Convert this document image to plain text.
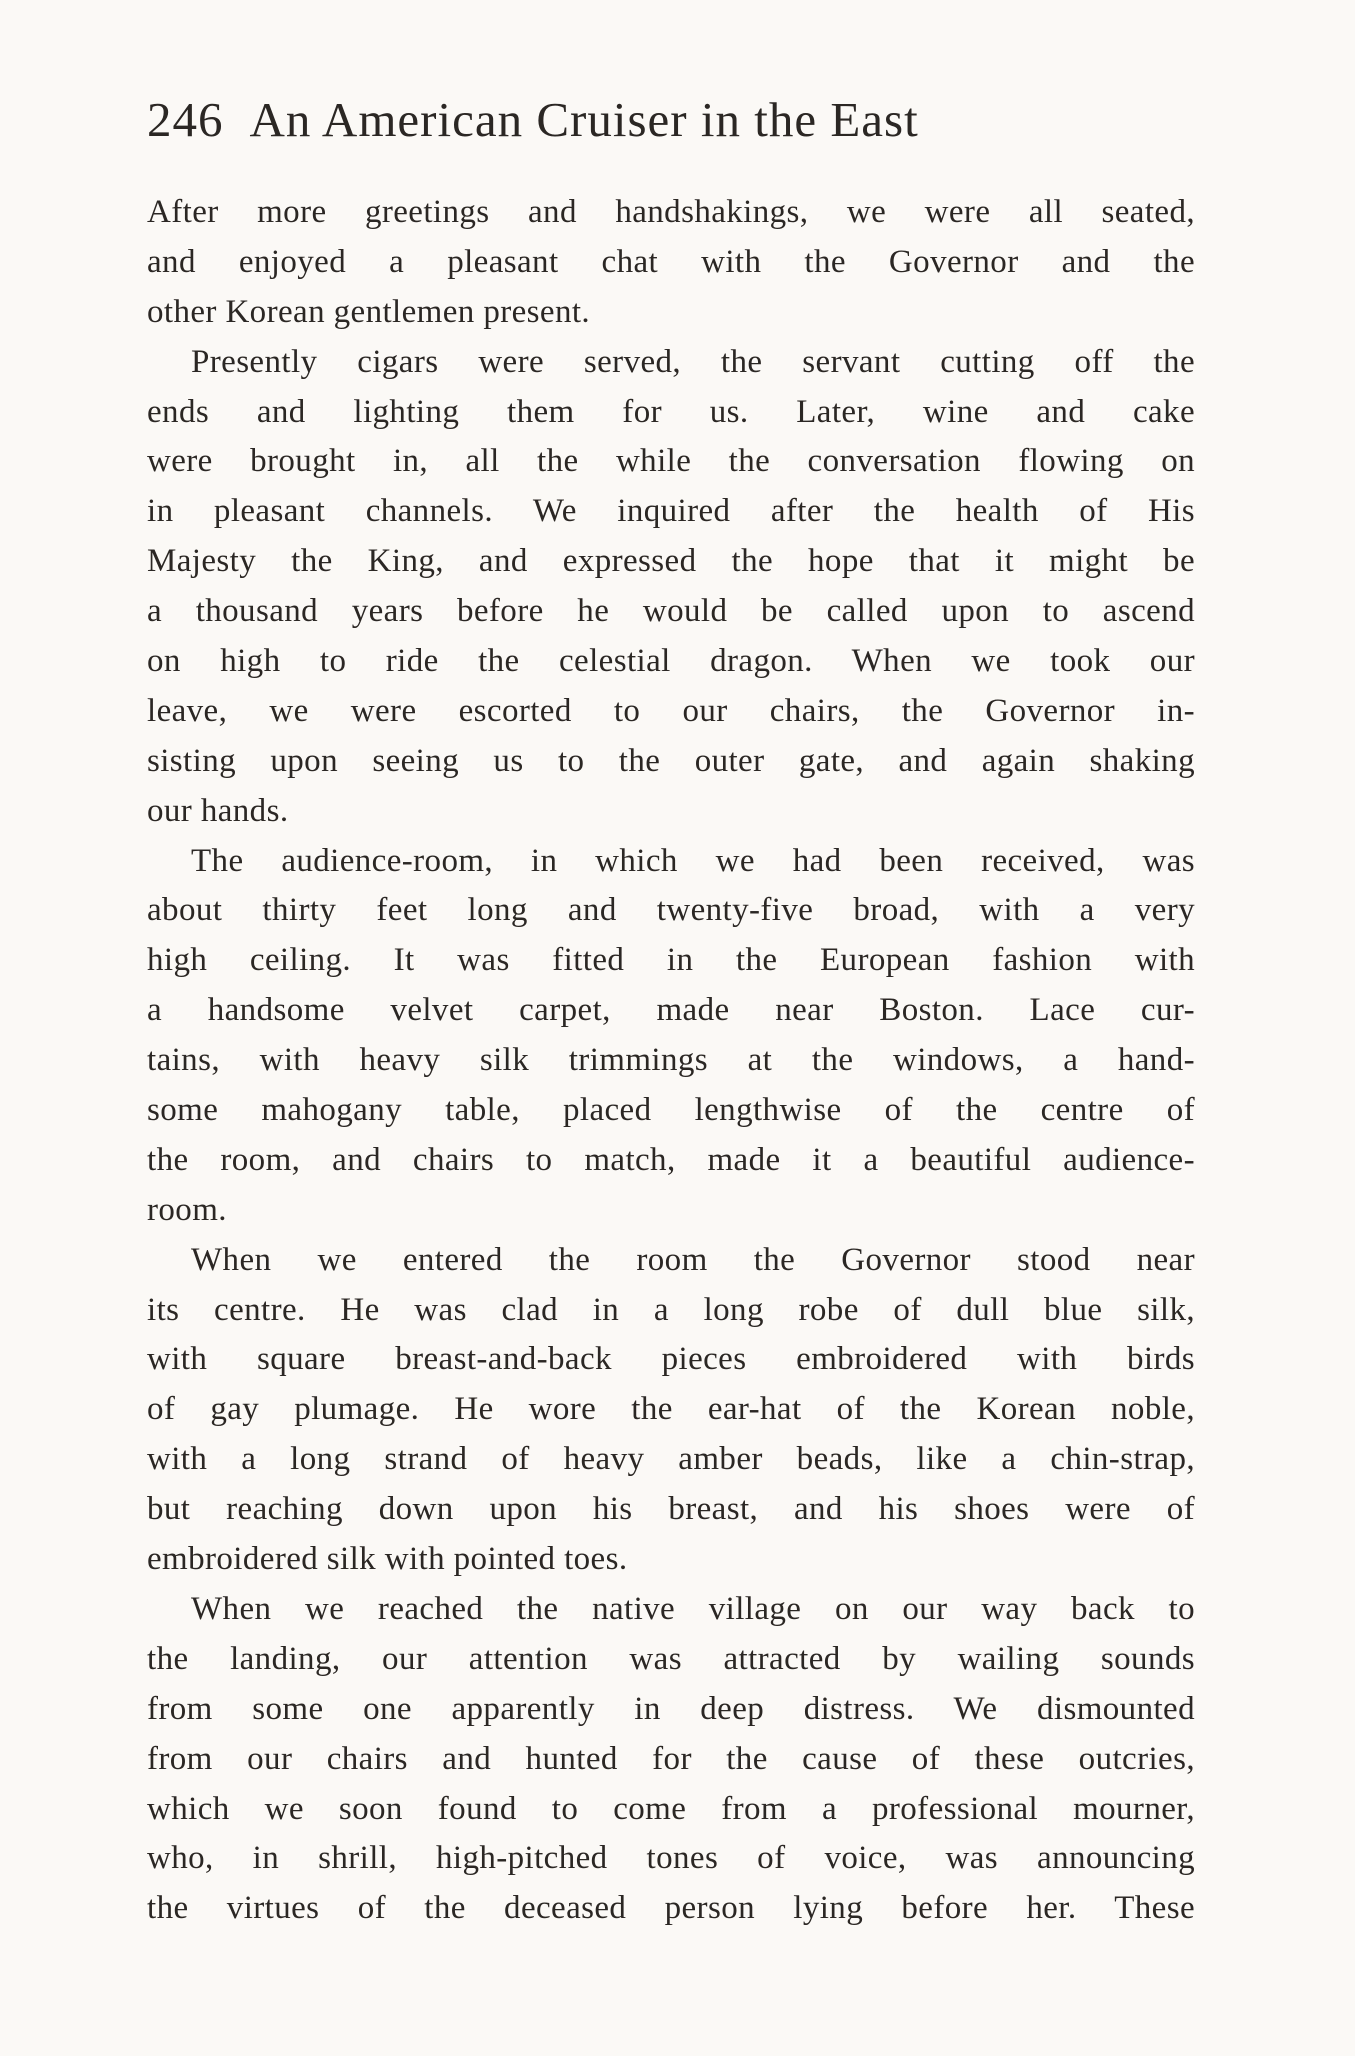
246 An American Cruiser in the East
After more greetings and handshakings, we were all seated,
and enjoyed a pleasant chat with the Governor and the
other Korean gentlemen present.
Presently cigars were served, the servant cutting off the
ends and lighting them for us. Later, wine and cake
were brought in, all the while the conversation flowing on
in pleasant channels. We inquired after the health of His
Majesty the King, and expressed the hope that it might be
a thousand years before he would be called upon to ascend
on high to ride the celestial dragon. When we took our
leave, we were escorted to our chairs, the Governor in-
sisting upon seeing us to the outer gate, and again shaking
our hands.
The audience-room, in which we had been received, was
about thirty feet long and twenty-five broad, with a very
high ceiling. It was fitted in the European fashion with
a handsome velvet carpet, made near Boston. Lace cur-
tains, with heavy silk trimmings at the windows, a hand-
some mahogany table, placed lengthwise of the centre of
the room, and chairs to match, made it a beautiful audience-
room.
When we entered the room the Governor stood near
its centre. He was clad in a long robe of dull blue silk,
with square breast-and-back pieces embroidered with birds
of gay plumage. He wore the ear-hat of the Korean noble,
with a long strand of heavy amber beads, like a chin-strap,
but reaching down upon his breast, and his shoes were of
embroidered silk with pointed toes.
When we reached the native village on our way back to
the landing, our attention was attracted by wailing sounds
from some one apparently in deep distress. We dismounted
from our chairs and hunted for the cause of these outcries,
which we soon found to come from a professional mourner,
who, in shrill, high-pitched tones of voice, was announcing
the virtues of the deceased person lying before her. These
